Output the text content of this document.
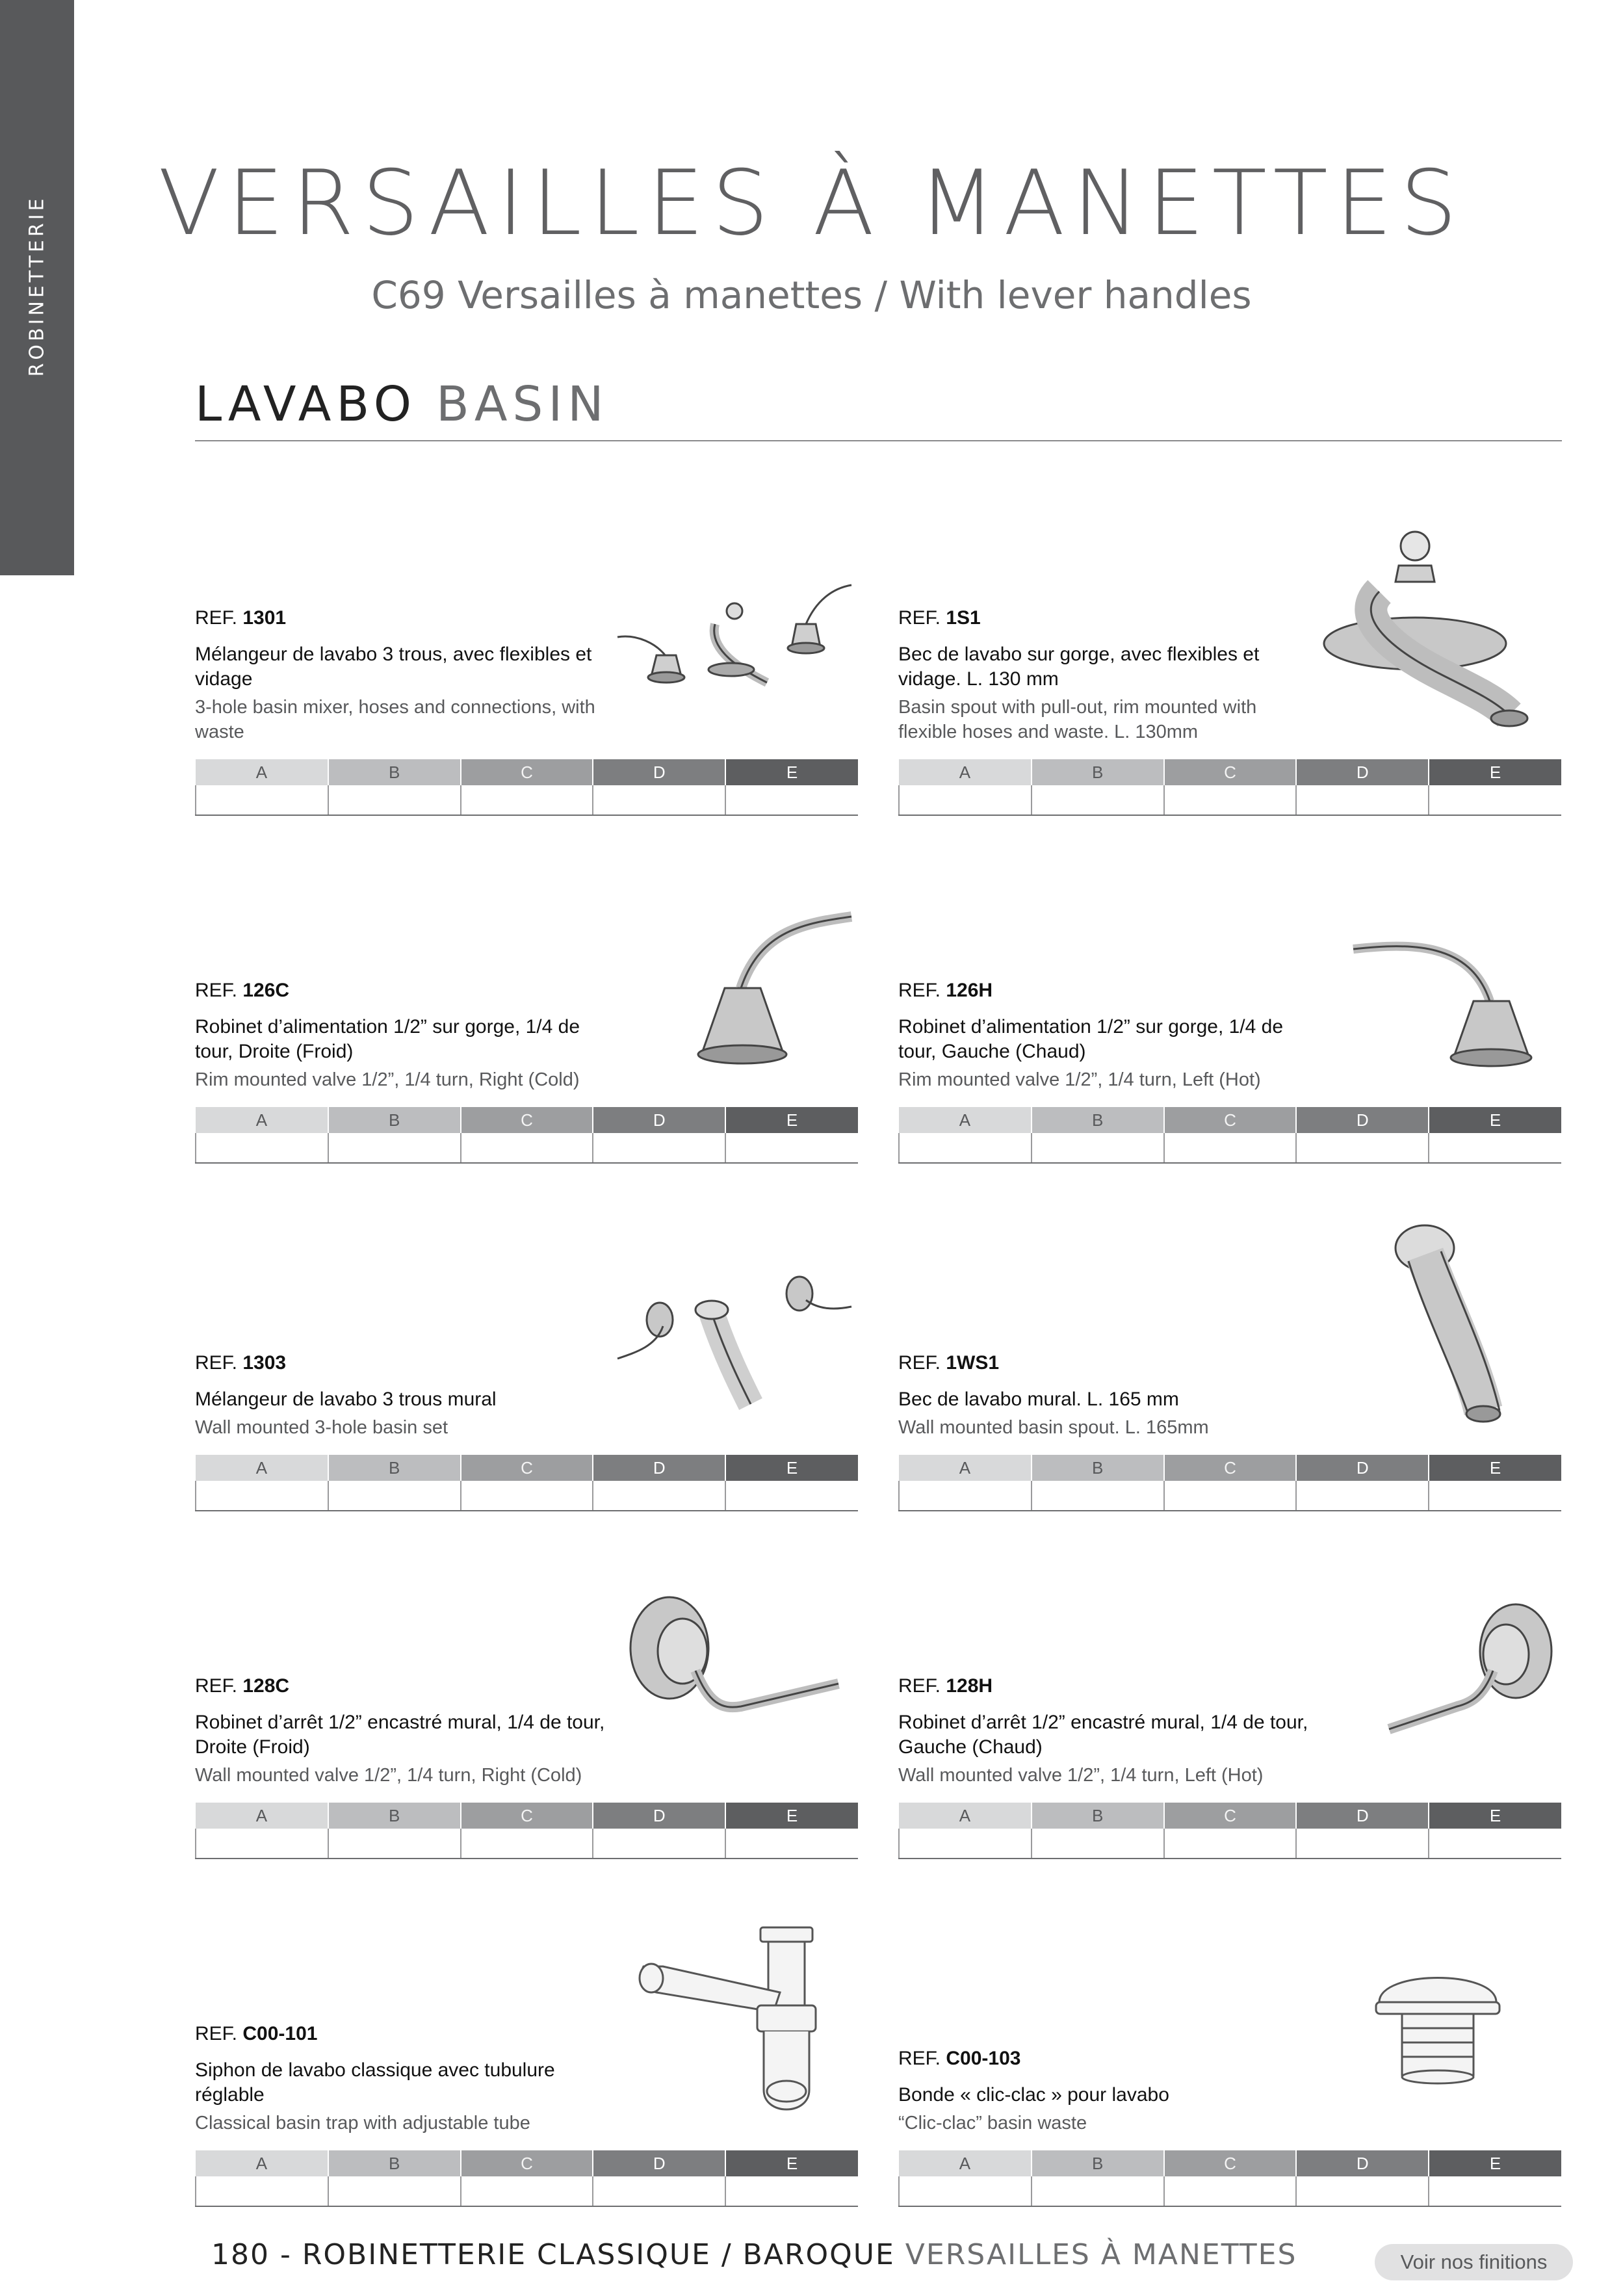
ROBINETTERIE	VERSAILLES À MANETTES
C69 Versailles à manettes / With lever handles
LAVABO BASIN
REF. 1301
Mélangeur de lavabo 3 trous, avec flexibles et vidage
3-hole basin mixer, hoses and connections, with waste
A	B	C	D	E

REF. 1S1
Bec de lavabo sur gorge, avec flexibles et vidage. L. 130 mm
Basin spout with pull-out, rim mounted with flexible hoses and waste. L. 130mm
A	B	C	D	E

REF. 126C
Robinet d’alimentation 1/2” sur gorge, 1/4 de tour, Droite (Froid)
Rim mounted valve 1/2”, 1/4 turn, Right (Cold)
A	B	C	D	E

REF. 126H
Robinet d’alimentation 1/2” sur gorge, 1/4 de tour, Gauche (Chaud)
Rim mounted valve 1/2”, 1/4 turn, Left (Hot)
A	B	C	D	E

REF. 1303
Mélangeur de lavabo 3 trous mural
Wall mounted 3-hole basin set
A	B	C	D	E

REF. 1WS1
Bec de lavabo mural. L. 165 mm
Wall mounted basin spout. L. 165mm
A	B	C	D	E

REF. 128C
Robinet d’arrêt 1/2” encastré mural, 1/4 de tour, Droite (Froid)
Wall mounted valve 1/2”, 1/4 turn, Right (Cold)
A	B	C	D	E

REF. 128H
Robinet d’arrêt 1/2” encastré mural, 1/4 de tour, Gauche (Chaud)
Wall mounted valve 1/2”, 1/4 turn, Left (Hot)
A	B	C	D	E

REF. C00-101
Siphon de lavabo classique avec tubulure réglable
Classical basin trap with adjustable tube
A	B	C	D	E

REF. C00-103
Bonde « clic-clac » pour lavabo
“Clic-clac” basin waste
A	B	C	D	E

180 - ROBINETTERIE CLASSIQUE / BAROQUE VERSAILLES À MANETTES	Voir nos finitions
